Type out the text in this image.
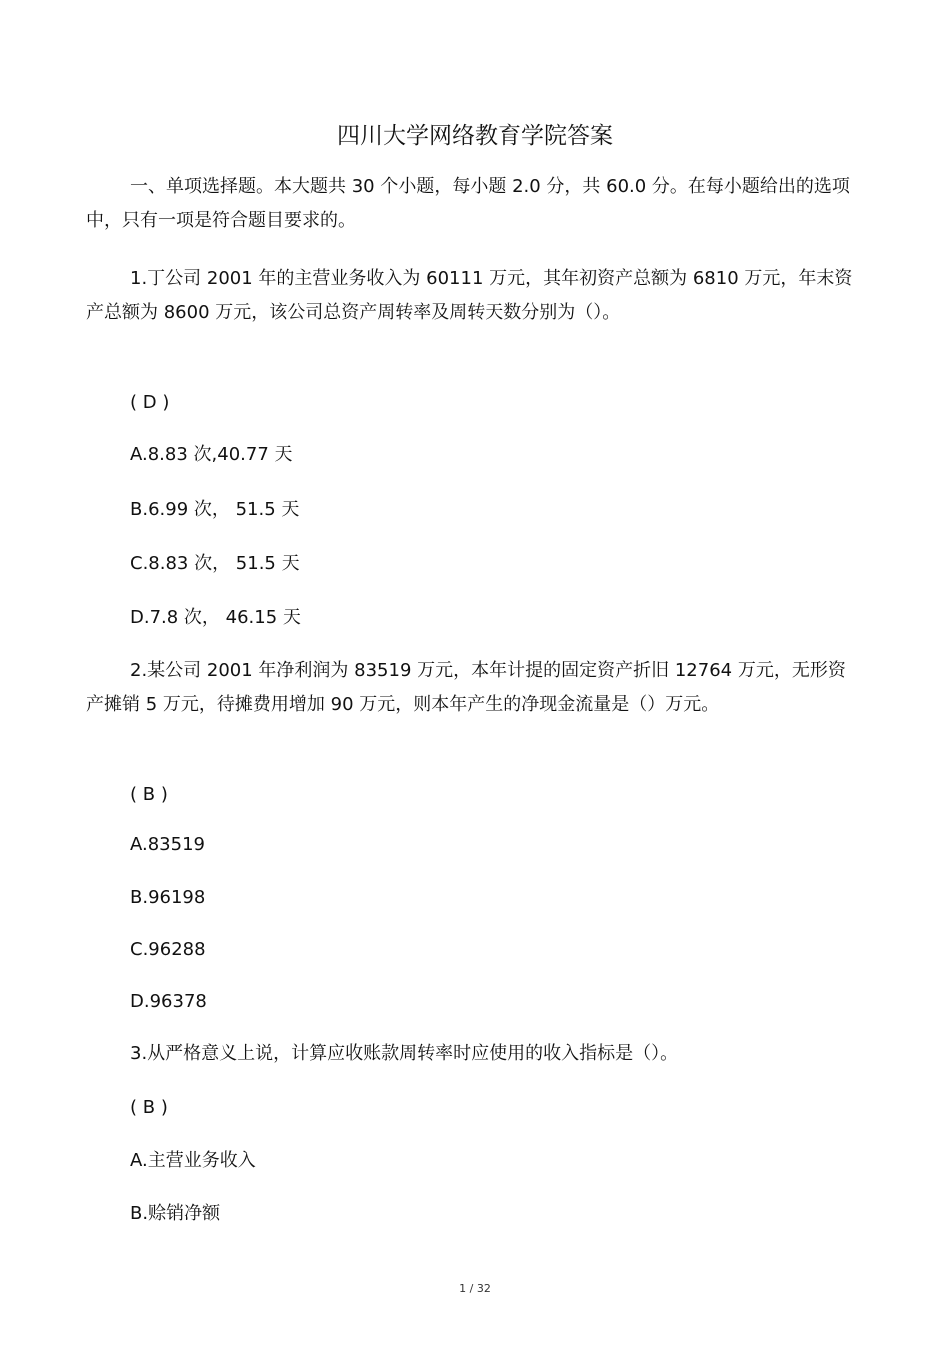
四川大学网络教育学院答案

一、单项选择题。本大题共 30 个小题，每小题 2.0 分，共 60.0 分。在每小题给出的选项中，只有一项是符合题目要求的。

1.丁公司 2001 年的主营业务收入为 60111 万元，其年初资产总额为 6810 万元，年末资产总额为 8600 万元，该公司总资产周转率及周转天数分别为（）。

( D )

A.8.83 次,40.77 天

B.6.99 次， 51.5 天

C.8.83 次， 51.5 天

D.7.8 次， 46.15 天

2.某公司 2001 年净利润为 83519 万元，本年计提的固定资产折旧 12764 万元，无形资产摊销 5 万元，待摊费用增加 90 万元，则本年产生的净现金流量是（）万元。

( B )

A.83519

B.96198

C.96288

D.96378

3.从严格意义上说，计算应收账款周转率时应使用的收入指标是（）。

( B )

A.主营业务收入

B.赊销净额

1 / 32
